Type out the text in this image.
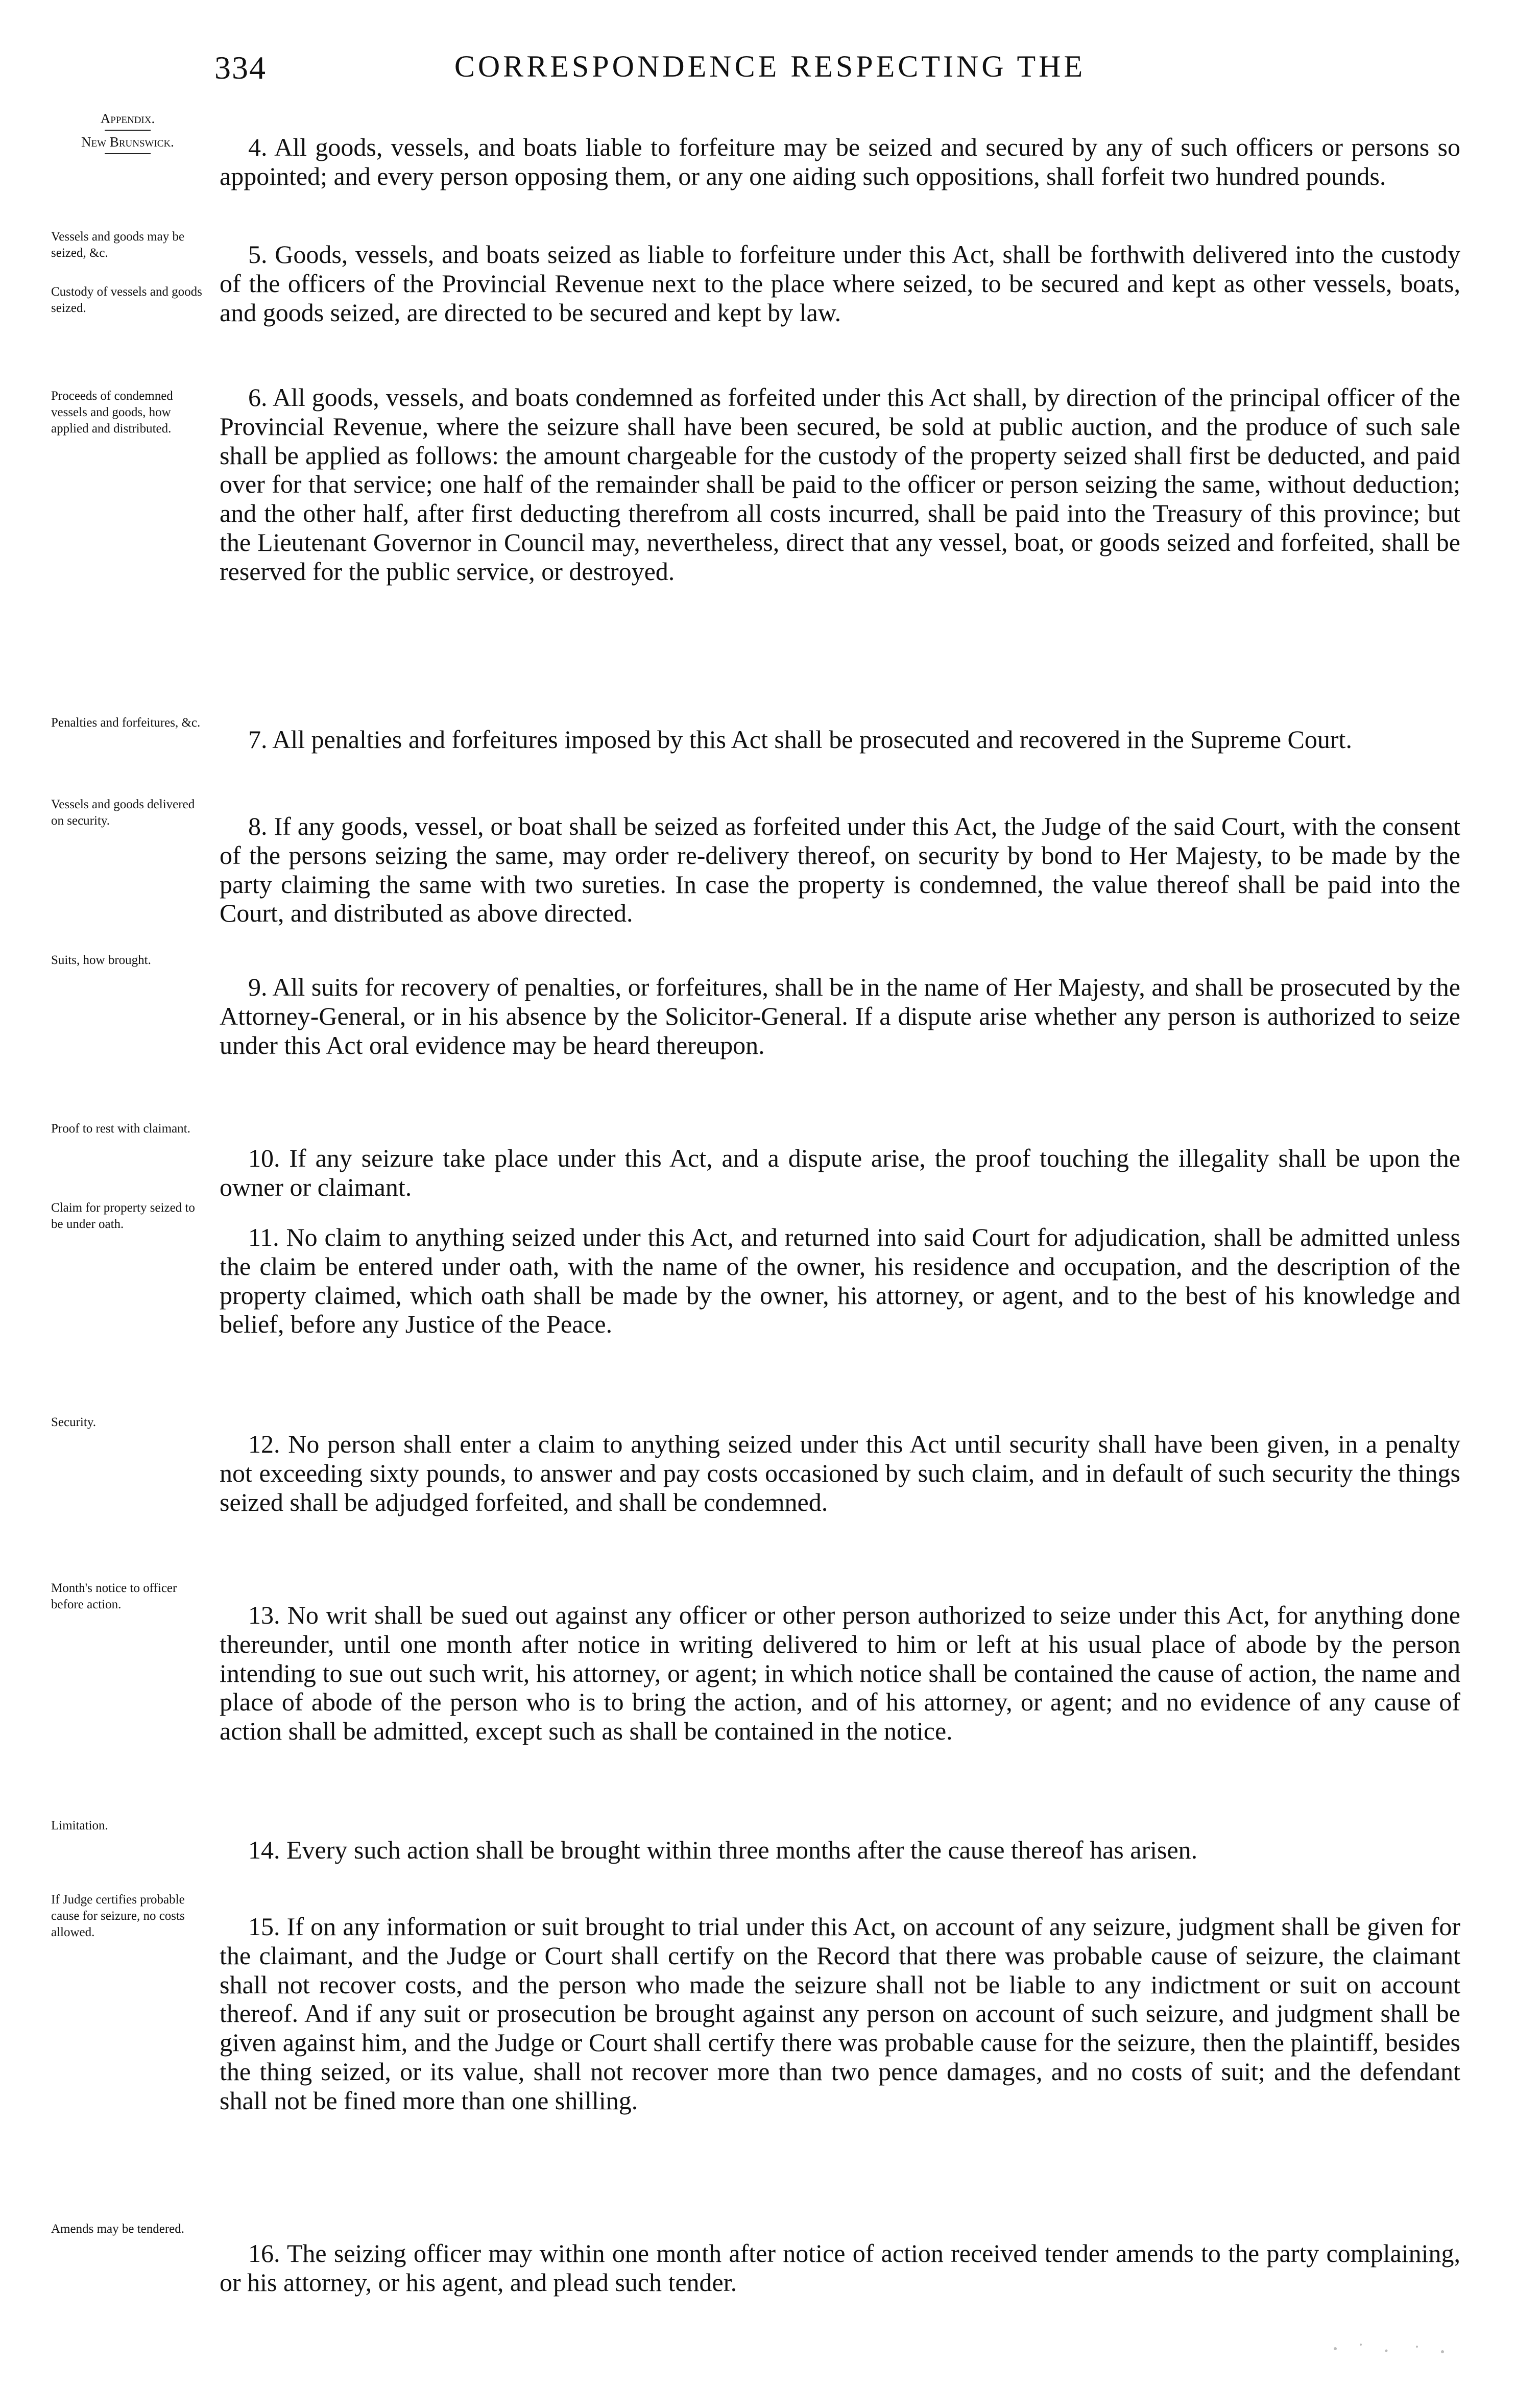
334	CORRESPONDENCE RESPECTING THE
Appendix.
New Brunswick.
Vessels and goods may be seized, &c.
Custody of vessels and goods seized.
Proceeds of condemned vessels and goods, how applied and distributed.
Penalties and forfeitures, &c.
Vessels and goods delivered on security.
Suits, how brought.
Proof to rest with claimant.
Claim for property seized to be under oath.
Security.
Month's notice to officer before action.
Limitation.
If Judge certifies probable cause for seizure, no costs allowed.
Amends may be tendered.

4. All goods, vessels, and boats liable to forfeiture may be seized and secured by any of such officers or persons so appointed; and every person opposing them, or any one aiding such oppositions, shall forfeit two hundred pounds.

5. Goods, vessels, and boats seized as liable to forfeiture under this Act, shall be forthwith delivered into the custody of the officers of the Provincial Revenue next to the place where seized, to be secured and kept as other vessels, boats, and goods seized, are directed to be secured and kept by law.

6. All goods, vessels, and boats condemned as forfeited under this Act shall, by direction of the principal officer of the Provincial Revenue, where the seizure shall have been secured, be sold at public auction, and the produce of such sale shall be applied as follows: the amount chargeable for the custody of the property seized shall first be deducted, and paid over for that service; one half of the remainder shall be paid to the officer or person seizing the same, without deduction; and the other half, after first deducting therefrom all costs incurred, shall be paid into the Treasury of this province; but the Lieutenant Governor in Council may, nevertheless, direct that any vessel, boat, or goods seized and forfeited, shall be reserved for the public service, or destroyed.

7. All penalties and forfeitures imposed by this Act shall be prosecuted and recovered in the Supreme Court.

8. If any goods, vessel, or boat shall be seized as forfeited under this Act, the Judge of the said Court, with the consent of the persons seizing the same, may order re-delivery thereof, on security by bond to Her Majesty, to be made by the party claiming the same with two sureties. In case the property is condemned, the value thereof shall be paid into the Court, and distributed as above directed.

9. All suits for recovery of penalties, or forfeitures, shall be in the name of Her Majesty, and shall be prosecuted by the Attorney-General, or in his absence by the Solicitor-General. If a dispute arise whether any person is authorized to seize under this Act oral evidence may be heard thereupon.

10. If any seizure take place under this Act, and a dispute arise, the proof touching the illegality shall be upon the owner or claimant.

11. No claim to anything seized under this Act, and returned into said Court for adjudication, shall be admitted unless the claim be entered under oath, with the name of the owner, his residence and occupation, and the description of the property claimed, which oath shall be made by the owner, his attorney, or agent, and to the best of his knowledge and belief, before any Justice of the Peace.

12. No person shall enter a claim to anything seized under this Act until security shall have been given, in a penalty not exceeding sixty pounds, to answer and pay costs occasioned by such claim, and in default of such security the things seized shall be adjudged forfeited, and shall be condemned.

13. No writ shall be sued out against any officer or other person authorized to seize under this Act, for anything done thereunder, until one month after notice in writing delivered to him or left at his usual place of abode by the person intending to sue out such writ, his attorney, or agent; in which notice shall be contained the cause of action, the name and place of abode of the person who is to bring the action, and of his attorney, or agent; and no evidence of any cause of action shall be admitted, except such as shall be contained in the notice.

14. Every such action shall be brought within three months after the cause thereof has arisen.

15. If on any information or suit brought to trial under this Act, on account of any seizure, judgment shall be given for the claimant, and the Judge or Court shall certify on the Record that there was probable cause of seizure, the claimant shall not recover costs, and the person who made the seizure shall not be liable to any indictment or suit on account thereof. And if any suit or prosecution be brought against any person on account of such seizure, and judgment shall be given against him, and the Judge or Court shall certify there was probable cause for the seizure, then the plaintiff, besides the thing seized, or its value, shall not recover more than two pence damages, and no costs of suit; and the defendant shall not be fined more than one shilling.

16. The seizing officer may within one month after notice of action received tender amends to the party complaining, or his attorney, or his agent, and plead such tender.
